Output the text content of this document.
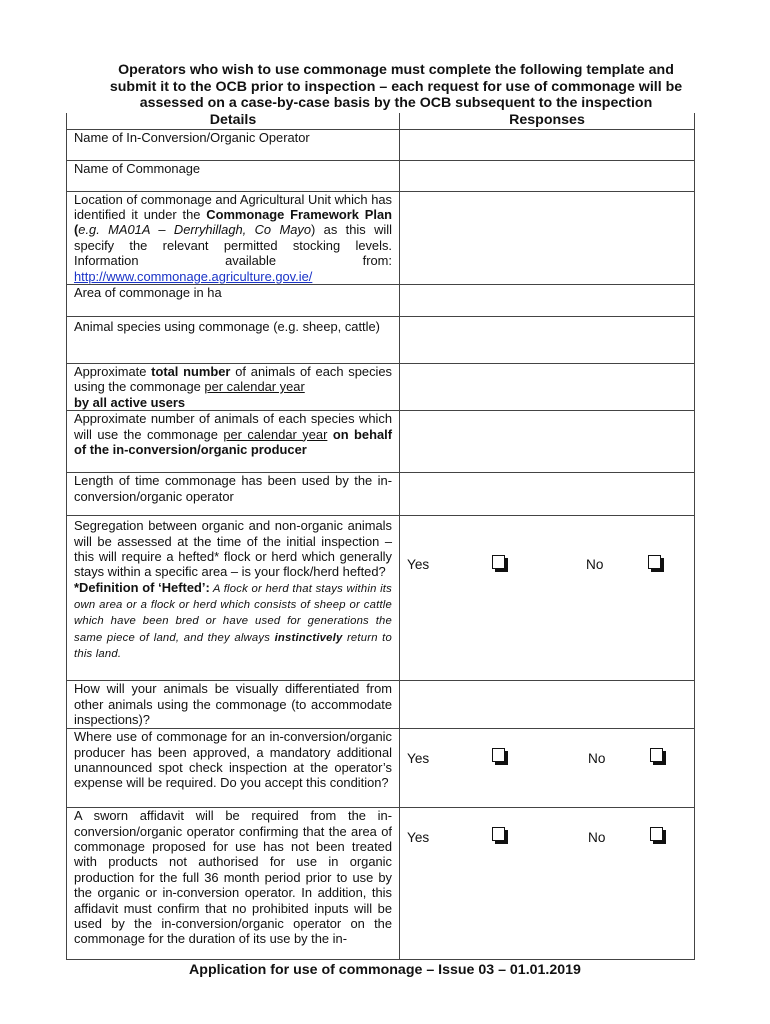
Operators who wish to use commonage must complete the following template and
submit it to the OCB prior to inspection – each request for use of commonage will be
assessed on a case-by-case basis by the OCB subsequent to the inspection
Details	Responses
Name of In-Conversion/Organic Operator	
Name of Commonage	
Location of commonage and Agricultural Unit which has identified it under the Commonage Framework Plan (e.g. MA01A – Derryhillagh, Co Mayo) as this will specify the relevant permitted stocking levels. Information available from: http://www.commonage.agriculture.gov.ie/	
Area of commonage in ha	
Animal species using commonage (e.g. sheep, cattle)	
Approximate total number of animals of each species using the commonage per calendar year
by all active users	
Approximate number of animals of each species which will use the commonage per calendar year on behalf of the in-conversion/organic producer	
Length of time commonage has been used by the in-conversion/organic operator	
Segregation between organic and non-organic animals will be assessed at the time of the initial inspection – this will require a hefted* flock or herd which generally stays within a specific area – is your flock/herd hefted?
*Definition of ‘Hefted’: A flock or herd that stays within its own area or a flock or herd which consists of sheep or cattle which have been bred or have used for generations the same piece of land, and they always instinctively return to this land.	Yes No

How will your animals be visually differentiated from other animals using the commonage (to accommodate inspections)?	
Where use of commonage for an in-conversion/organic producer has been approved, a mandatory additional unannounced spot check inspection at the operator’s expense will be required. Do you accept this condition?	Yes No

A sworn affidavit will be required from the in-conversion/organic operator confirming that the area of commonage proposed for use has not been treated with products not authorised for use in organic production for the full 36 month period prior to use by the organic or in-conversion operator. In addition, this affidavit must confirm that no prohibited inputs will be used by the in-conversion/organic operator on the commonage for the duration of its use by the in-	Yes No
Application for use of commonage – Issue 03 – 01.01.2019
